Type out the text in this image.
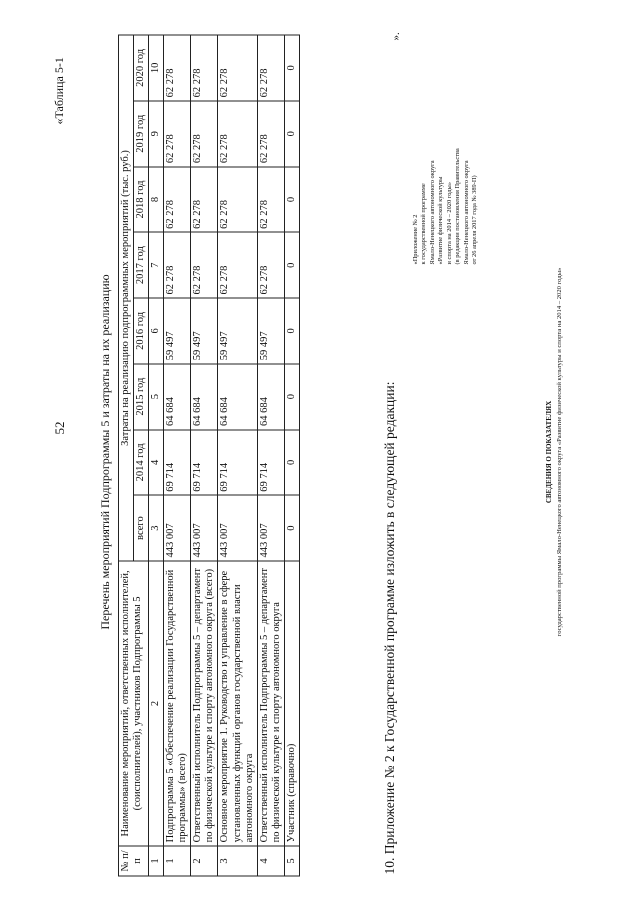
52
«Таблица 5-1
Перечень мероприятий Подпрограммы 5 и затраты на их реализацию
№ п/п	Наименование мероприятий, ответственных исполнителей, (соисполнителей), участников Подпрограммы 5	Затраты на реализацию подпрограммных мероприятий (тыс. руб.)							
		всего	2014 год	2015 год	2016 год	2017 год	2018 год	2019 год	2020 год
1	2	3	4	5	6	7	8	9	10
1	Подпрограмма 5 «Обеспечение реализации Государственной программы» (всего)	443 007	69 714	64 684	59 497	62 278	62 278	62 278	62 278
2	Ответственный исполнитель Подпрограммы 5 – департамент по физической культуре и спорту автономного округа (всего)	443 007	69 714	64 684	59 497	62 278	62 278	62 278	62 278
3	Основное мероприятие 1. Руководство и управление в сфере установленных функций органов государственной власти автономного округа	443 007	69 714	64 684	59 497	62 278	62 278	62 278	62 278
4	Ответственный исполнитель Подпрограммы 5 – департамент по физической культуре и спорту автономного округа	443 007	69 714	64 684	59 497	62 278	62 278	62 278	62 278
5	Участник (справочно)	0	0	0	0	0	0	0	0
».
10. Приложение № 2 к Государственной программе изложить в следующей редакции:
«Приложение № 2 к государственной программе Ямало-Ненецкого автономного округа «Развитие физической культуры и спорта на 2014 – 2020 годы» (в редакции постановления Правительства Ямало-Ненецкого автономного округа от 26 апреля 2017 года № 389-П)
СВЕДЕНИЯ О ПОКАЗАТЕЛЯХ государственной программы Ямало-Ненецкого автономного округа «Развитие физической культуры и спорта на 2014 – 2020 годы»
